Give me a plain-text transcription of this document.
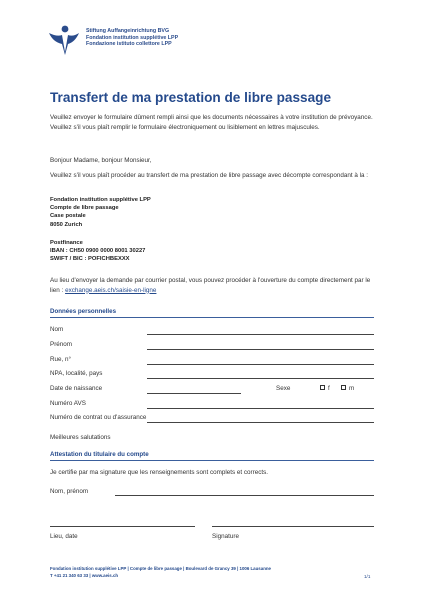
Stiftung Auffangeinrichtung BVG
Fondation institution supplétive LPP
Fondazione istituto collettore LPP
Transfert de ma prestation de libre passage
Veuillez envoyer le formulaire dûment rempli ainsi que les documents nécessaires à votre institution de prévoyance. Veuillez s'il vous plaît remplir le formulaire électroniquement ou lisiblement en lettres majuscules.
Bonjour Madame, bonjour Monsieur,
Veuillez s'il vous plaît procéder au transfert de ma prestation de libre passage avec décompte correspondant à la :
Fondation institution supplétive LPP
Compte de libre passage
Case postale
8050 Zurich
Postfinance
IBAN : CH50 0900 0000 8001 30227
SWIFT / BIC : POFICHBEXXX
Au lieu d'envoyer la demande par courrier postal, vous pouvez procéder à l'ouverture du compte directement par le lien : exchange.aeis.ch/saisie-en-ligne
Données personnelles
Nom
Prénom
Rue, n°
NPA, localité, pays
Date de naissance	Sexe	f	m
Numéro AVS
Numéro de contrat ou d'assurance
Meilleures salutations
Attestation du titulaire du compte
Je certifie par ma signature que les renseignements sont complets et corrects.
Nom, prénom
Lieu, date	Signature
Fondation institution supplétive LPP | Compte de libre passage | Boulevard de Grancy 39 | 1006 Lausanne
T +41 21 340 63 33 | www.aeis.ch	1/1
